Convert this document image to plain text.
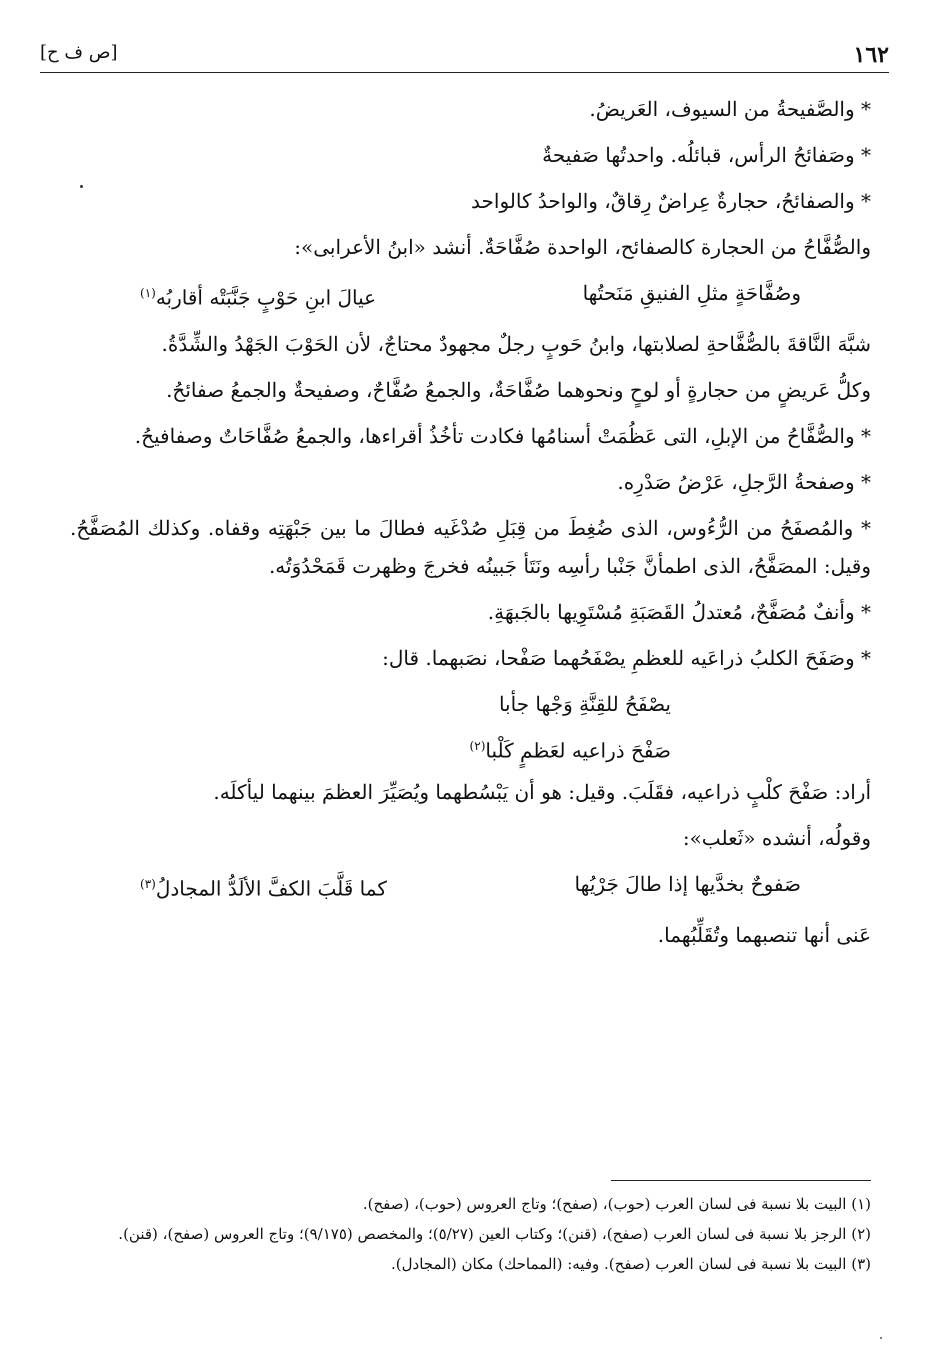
١٦٢
[ص ف ح]

* والصَّفيحةُ من السيوف، العَريضُ.

* وصَفائحُ الرأس، قبائلُه. واحدتُها صَفيحةٌ

* والصفائحُ، حجارةٌ عِراضٌ رِقاقٌ، والواحدُ كالواحد

والصُّفَّاحُ من الحجارة كالصفائح، الواحدة صُفَّاحَةٌ. أنشد «ابنُ الأعرابى»:

وصُفَّاحَةٍ مثلِ الفنيقِ مَنَحتُها
عيالَ ابنِ حَوْبٍ جَنَّبَتْه أقاربُه$^{(١)}$

شبَّهَ النَّاقةَ بالصُّفَّاحةِ لصلابتها، وابنُ حَوبٍ رجلٌ مجهودٌ محتاجٌ، لأن الحَوْبَ الجَهْدُ والشِّدَّةُ.

وكلُّ عَريضٍ من حجارةٍ أو لوحٍ ونحوهما صُفَّاحَةٌ، والجمعُ صُفَّاحٌ، وصفيحةٌ والجمعُ صفائحُ.

* والصُّفَّاحُ من الإبلِ، التى عَظُمَتْ أسنامُها فكادت تأخُذُ أقراءها، والجمعُ صُفَّاحَاتٌ وصفافيحُ.

* وصفحةُ الرَّجلِ، عَرْضُ صَدْرِه.

* والمُصفَحُ من الرُّءُوس، الذى ضُغِطَ من قِبَلِ صُدْغَيه فطالَ ما بين جَبْهَتِه وقفاه. وكذلك المُصَفَّحُ. وقيل: المصَفَّحُ، الذى اطمأنَّ جَنْبا رأسِه ونَتَأ جَبينُه فخرجَ وظهرت قَمَحْدُوَتُه.

* وأنفٌ مُصَفَّحٌ، مُعتدلُ القَصَبَةِ مُسْتَوِيها بالجَبهَةِ.

* وصَفَحَ الكلبُ ذراعَيه للعظمِ يصْفَحُهما صَفْحا، نصَبهما. قال:

يصْفَحُ للقِنَّةِ وَجْها جأبا
صَفْحَ ذراعيه لعَظمٍ كَلْبا$^{(٢)}$

أراد: صَفْحَ كلْبٍ ذراعيه، فقَلَبَ. وقيل: هو أن يَبْسُطهما ويُصَيِّرَ العظمَ بينهما ليأكلَه.

وقولُه، أنشده «ثَعلب»:

صَفوحٌ بخدَّيها إذا طالَ جَرْيُها
كما قَلَّبَ الكفَّ الألَدُّ المجادلُ$^{(٣)}$

عَنى أنها تنصبهما وتُقَلِّبُهما.

(١) البيت بلا نسبة فى لسان العرب (حوب)، (صفح)؛ وتاج العروس (حوب)، (صفح).

(٢) الرجز بلا نسبة فى لسان العرب (صفح)، (قنن)؛ وكتاب العين (٥/٢٧)؛ والمخصص (٩/١٧٥)؛ وتاج العروس (صفح)، (قنن).

(٣) البيت بلا نسبة فى لسان العرب (صفح). وفيه: (المماحك) مكان (المجادل).
